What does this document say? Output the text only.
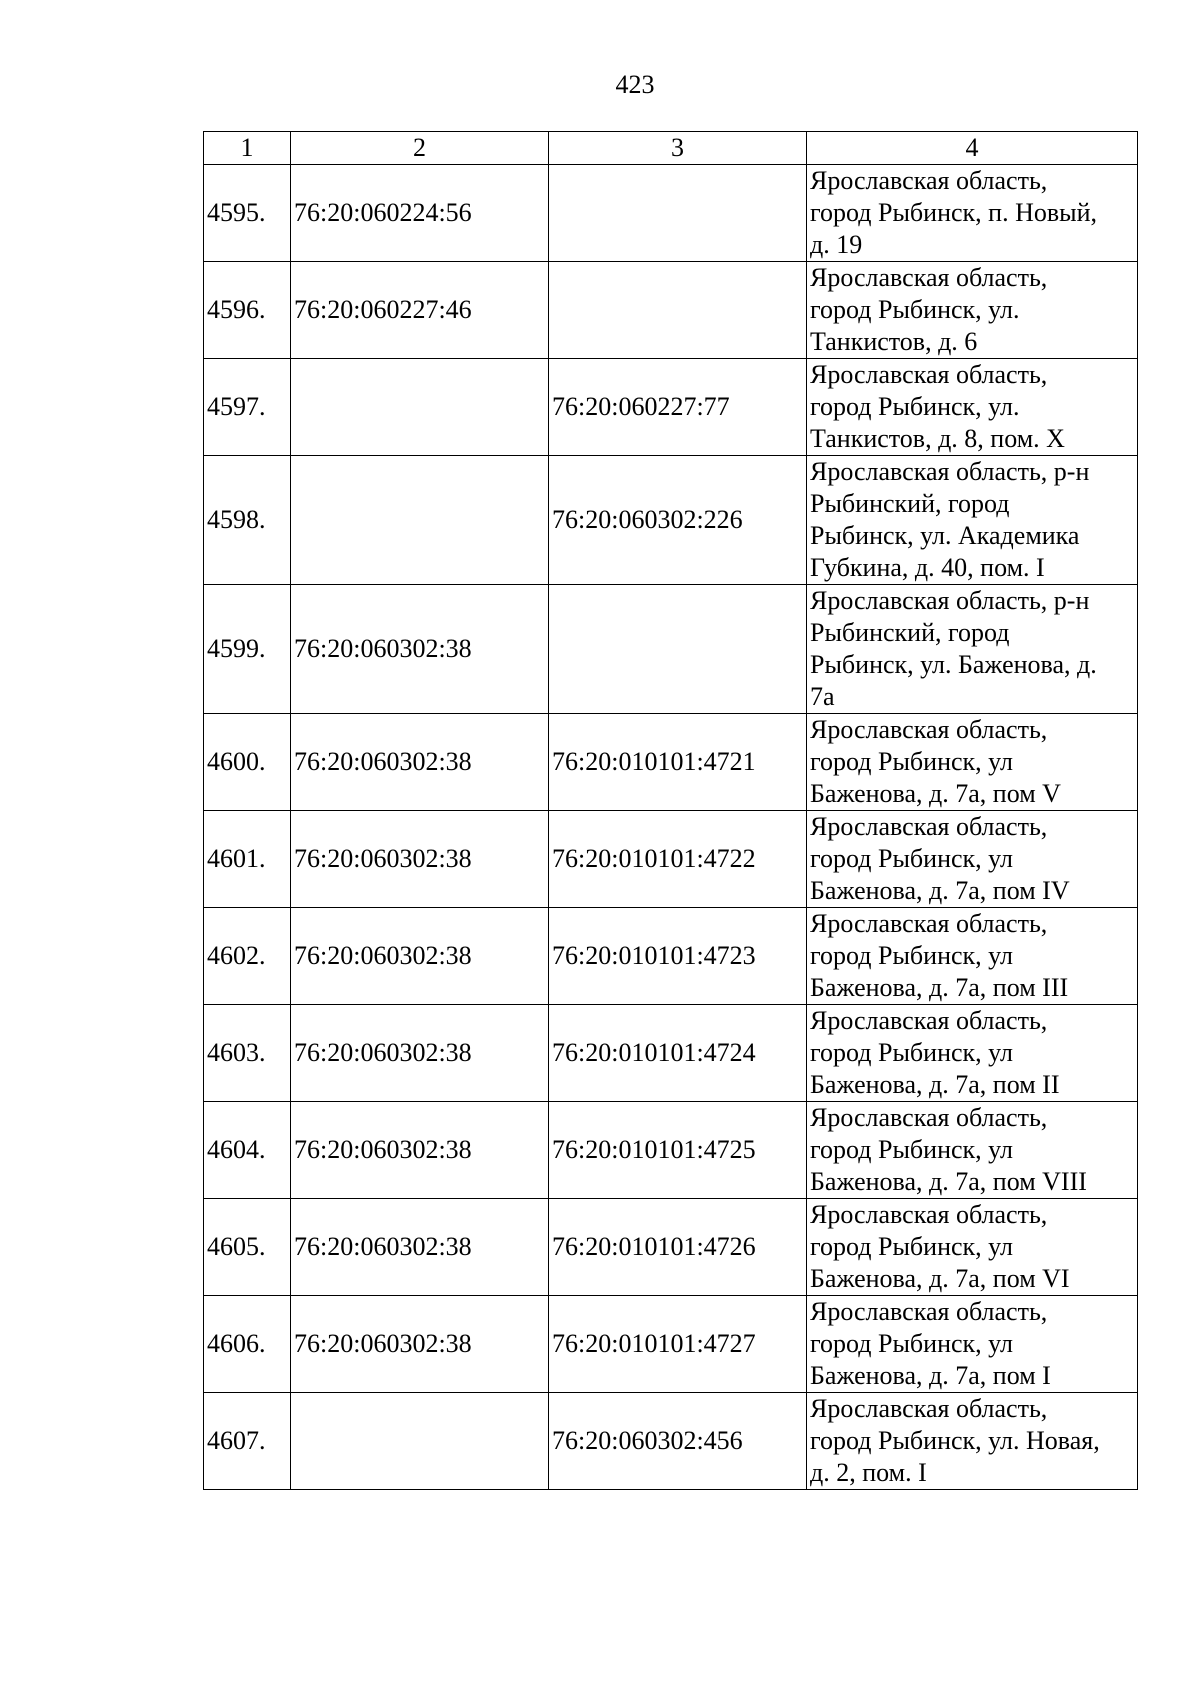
423
1	2	3	4
4595.	76:20:060224:56		Ярославская область,
город Рыбинск, п. Новый,
д. 19
4596.	76:20:060227:46		Ярославская область,
город Рыбинск, ул.
Танкистов, д. 6
4597.		76:20:060227:77	Ярославская область,
город Рыбинск, ул.
Танкистов, д. 8, пом. X
4598.		76:20:060302:226	Ярославская область, р-н
Рыбинский, город
Рыбинск, ул. Академика
Губкина, д. 40, пом. I
4599.	76:20:060302:38		Ярославская область, р-н
Рыбинский, город
Рыбинск, ул. Баженова, д.
7а
4600.	76:20:060302:38	76:20:010101:4721	Ярославская область,
город Рыбинск, ул
Баженова, д. 7а, пом V
4601.	76:20:060302:38	76:20:010101:4722	Ярославская область,
город Рыбинск, ул
Баженова, д. 7а, пом IV
4602.	76:20:060302:38	76:20:010101:4723	Ярославская область,
город Рыбинск, ул
Баженова, д. 7а, пом III
4603.	76:20:060302:38	76:20:010101:4724	Ярославская область,
город Рыбинск, ул
Баженова, д. 7а, пом II
4604.	76:20:060302:38	76:20:010101:4725	Ярославская область,
город Рыбинск, ул
Баженова, д. 7а, пом VIII
4605.	76:20:060302:38	76:20:010101:4726	Ярославская область,
город Рыбинск, ул
Баженова, д. 7а, пом VI
4606.	76:20:060302:38	76:20:010101:4727	Ярославская область,
город Рыбинск, ул
Баженова, д. 7а, пом I
4607.		76:20:060302:456	Ярославская область,
город Рыбинск, ул. Новая,
д. 2, пом. I
